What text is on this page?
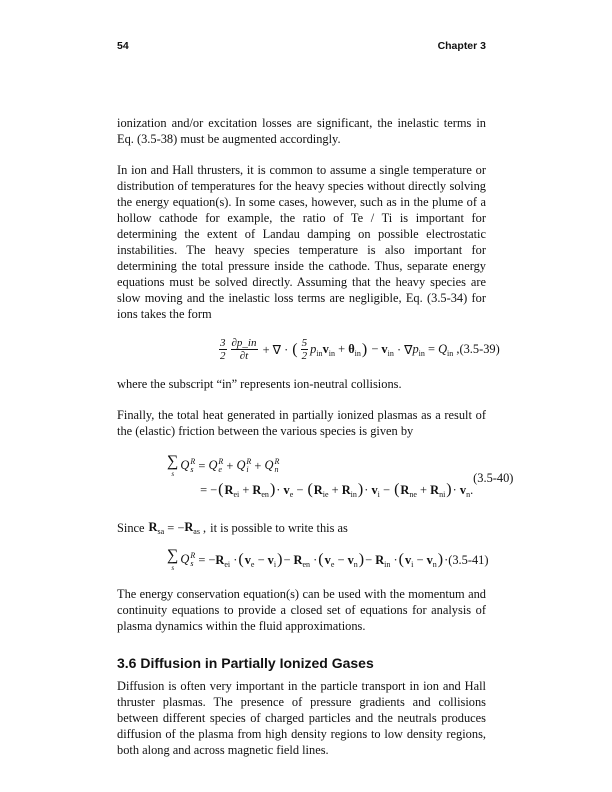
54	Chapter 3

ionization and/or excitation losses are significant, the inelastic terms in Eq. (3.5-38) must be augmented accordingly.

In ion and Hall thrusters, it is common to assume a single temperature or distribution of temperatures for the heavy species without directly solving the energy equation(s). In some cases, however, such as in the plume of a hollow cathode for example, the ratio of Te / Ti is important for determining the extent of Landau damping on possible electrostatic instabilities. The heavy species temperature is also important for determining the total pressure inside the cathode. Thus, separate energy equations must be solved directly. Assuming that the heavy species are slow moving and the inelastic loss terms are negligible, Eq. (3.5-34) for ions takes the form

$\frac{3}{2} \frac{\partial p\_in}{\partial t}$ + ∇ · ( $\frac{5}{2} p_{in}$ $v_{in} + \theta_{in}$ ) − $v_{in}$ · ∇ $p_{in} = Q_{in}$ , (3.5-39)

where the subscript “in” represents ion-neutral collisions.

Finally, the total heat generated in partially ionized plasmas as a result of the (elastic) friction between the various species is given by

∑
s
Q R
s = Q R
e + Q R
i + Q R
n
= − ( $R_{ei} + R_{en}$ ) · $v_e$ − ( $R_{ie} + R_{in}$ ) · $v_i$ − ( $R_{ne} + R_{ni}$ ) · $v_n$ .
(3.5-40)
Since $R_{sa}$ = − $R_{as}$ , it is possible to write this as
∑
s
Q R
s = − $R_{ei}$ · ( $v_e - v_i$ ) − $R_{en}$ · ( $v_e - v_n$ ) − $R_{in}$ · ( $v_i - v_n$ ) · (3.5-41)

The energy conservation equation(s) can be used with the momentum and continuity equations to provide a closed set of equations for analysis of plasma dynamics within the fluid approximations.

3.6 Diffusion in Partially Ionized Gases

Diffusion is often very important in the particle transport in ion and Hall thruster plasmas. The presence of pressure gradients and collisions between different species of charged particles and the neutrals produces diffusion of the plasma from high density regions to low density regions, both along and across magnetic field lines.
